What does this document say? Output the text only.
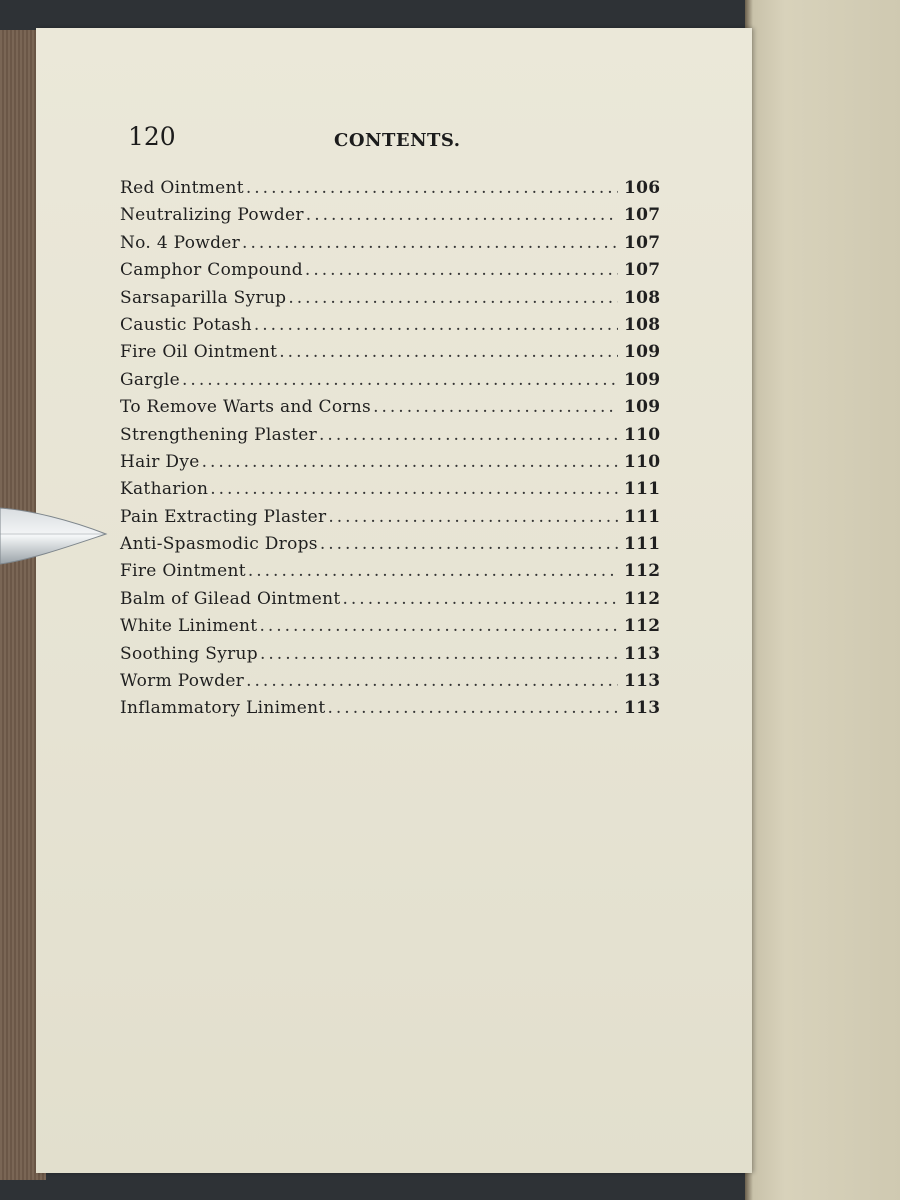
120	CONTENTS.
Red Ointment .....	106
Neutralizing Powder .....	107
No. 4 Powder .....	107
Camphor Compound .....	107
Sarsaparilla Syrup .....	108
Caustic Potash .....	108
Fire Oil Ointment .....	109
Gargle .....	109
To Remove Warts and Corns .....	109
Strengthening Plaster .....	110
Hair Dye .....	110
Katharion .....	111
Pain Extracting Plaster .....	111
Anti-Spasmodic Drops .....	111
Fire Ointment .....	112
Balm of Gilead Ointment .....	112
White Liniment .....	112
Soothing Syrup .....	113
Worm Powder .....	113
Inflammatory Liniment .....	113
